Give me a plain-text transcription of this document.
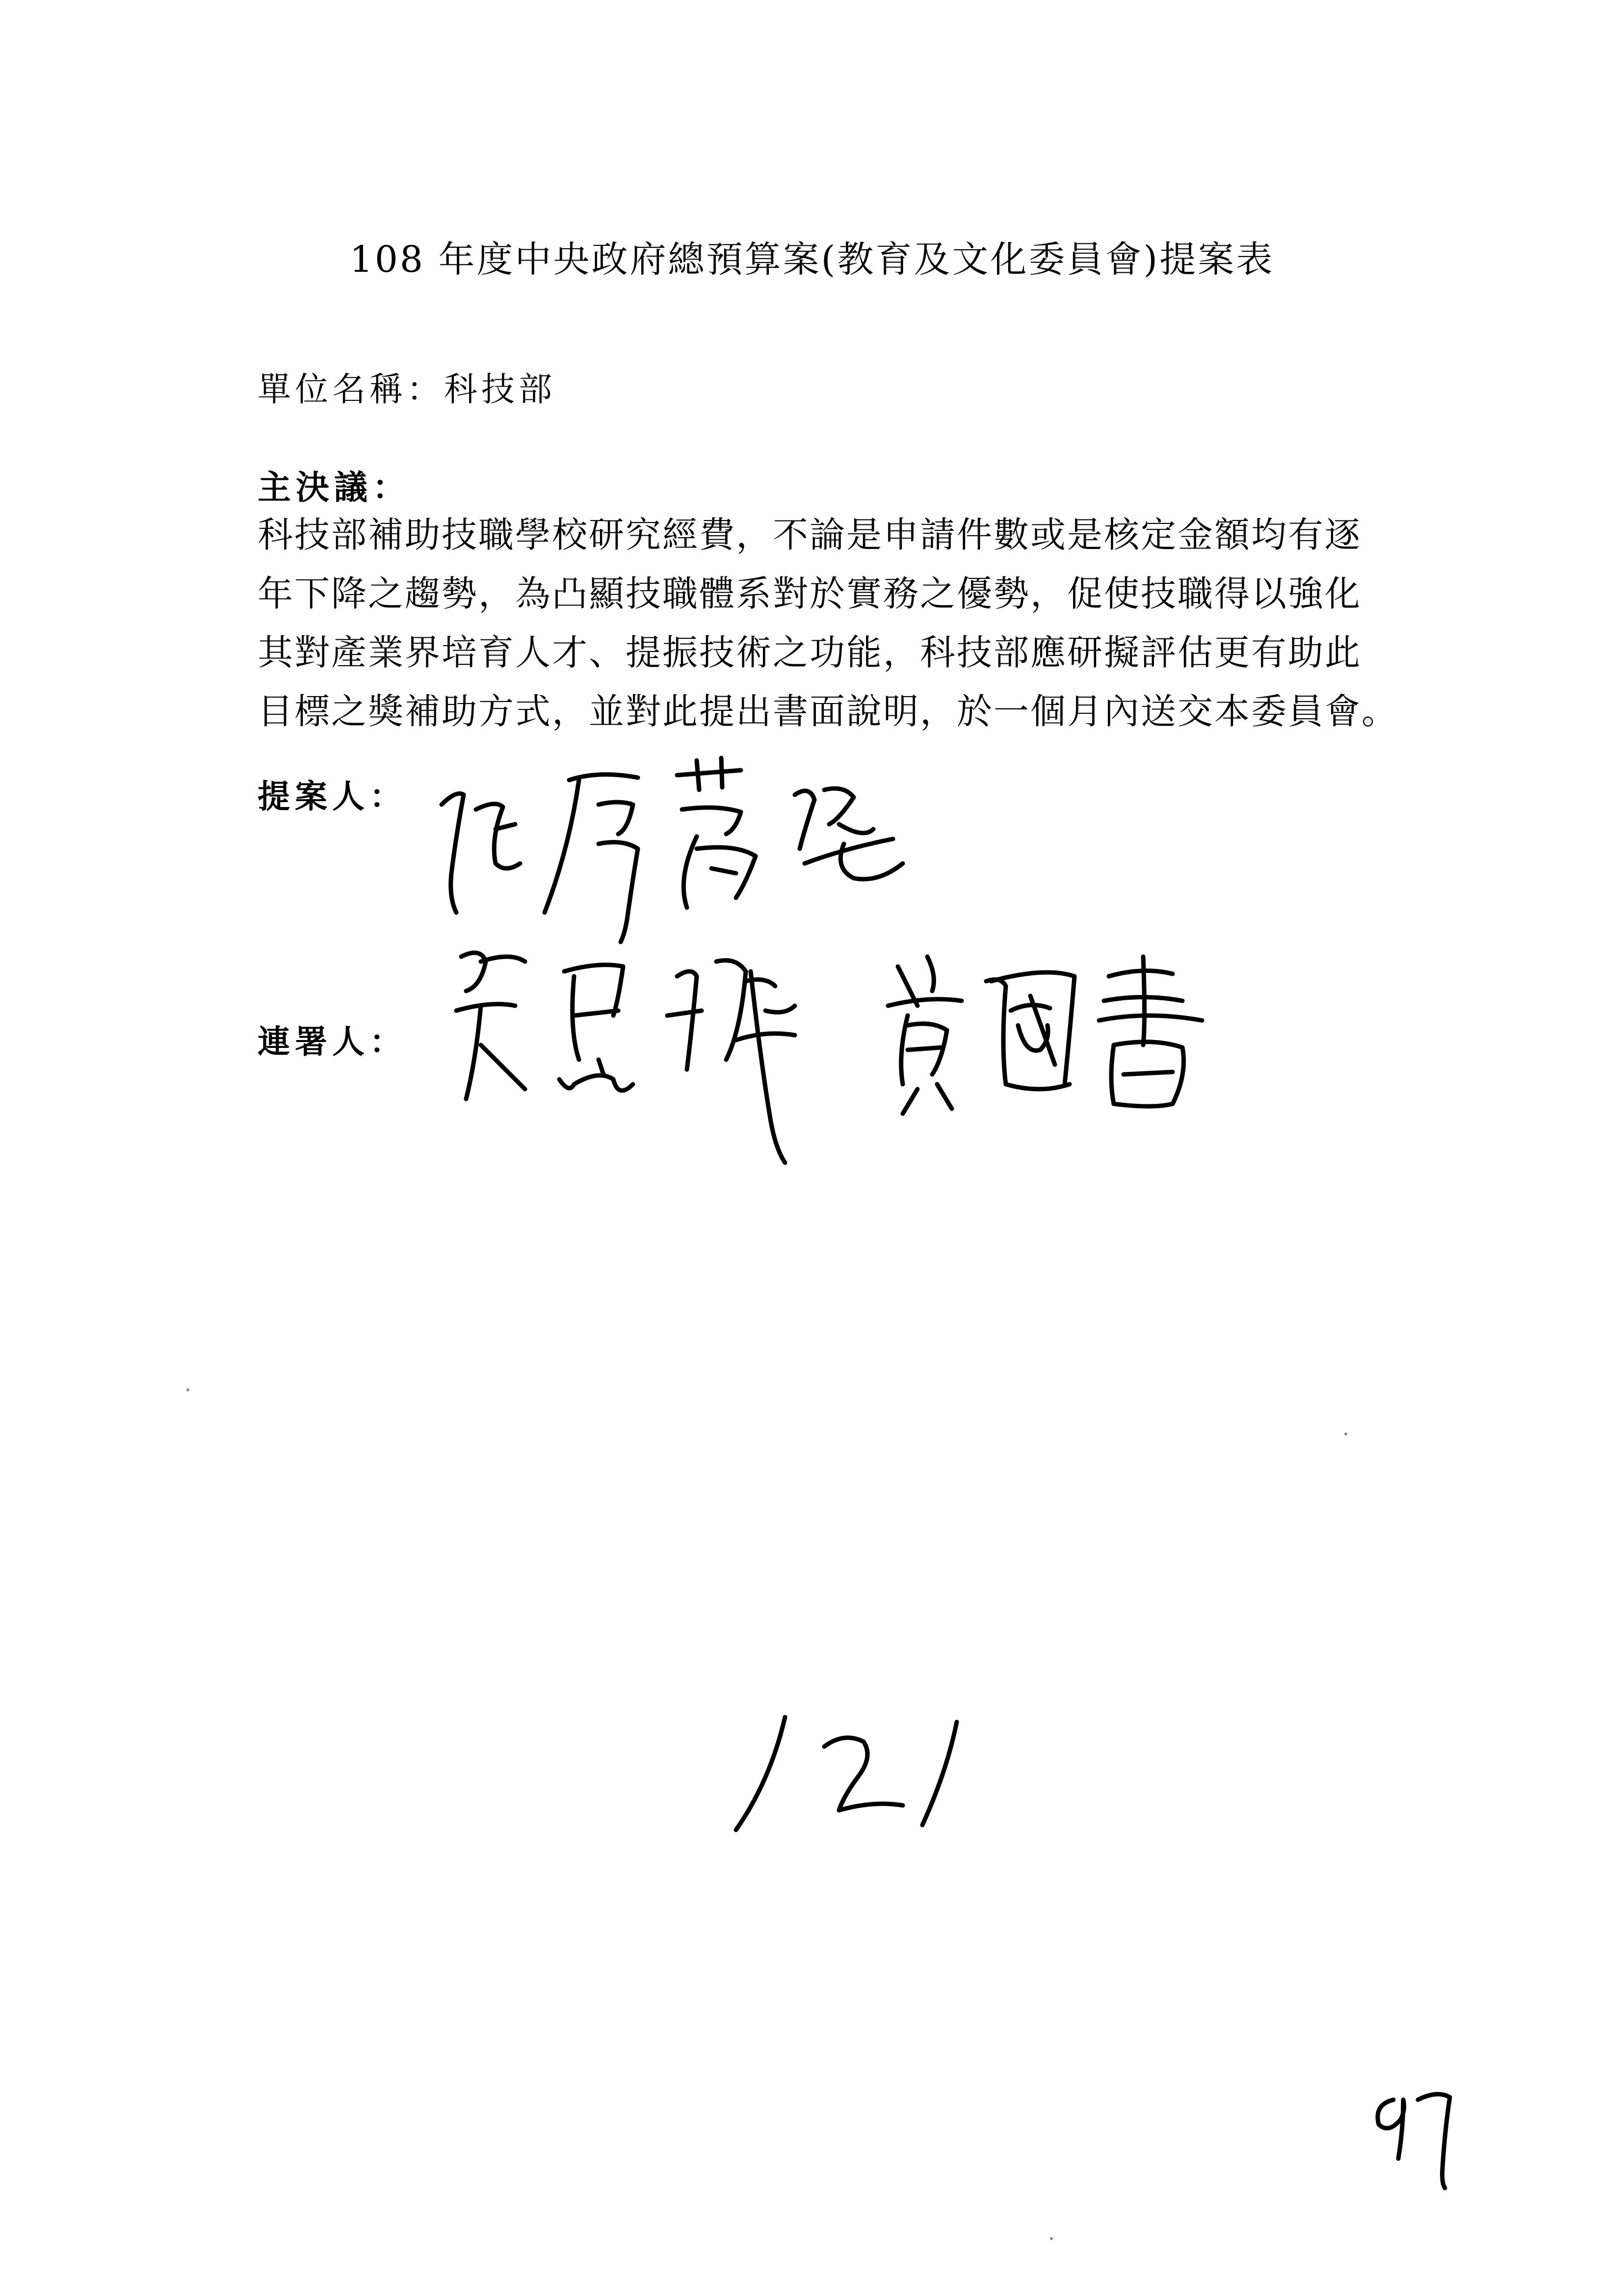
108 年度中央政府總預算案(教育及文化委員會)提案表
單位名稱：科技部
主決議：
科技部補助技職學校研究經費，不論是申請件數或是核定金額均有逐
年下降之趨勢，為凸顯技職體系對於實務之優勢，促使技職得以強化
其對產業界培育人才、提振技術之功能，科技部應研擬評估更有助此
目標之獎補助方式，並對此提出書面說明，於一個月內送交本委員會。
提案人：
連署人：
